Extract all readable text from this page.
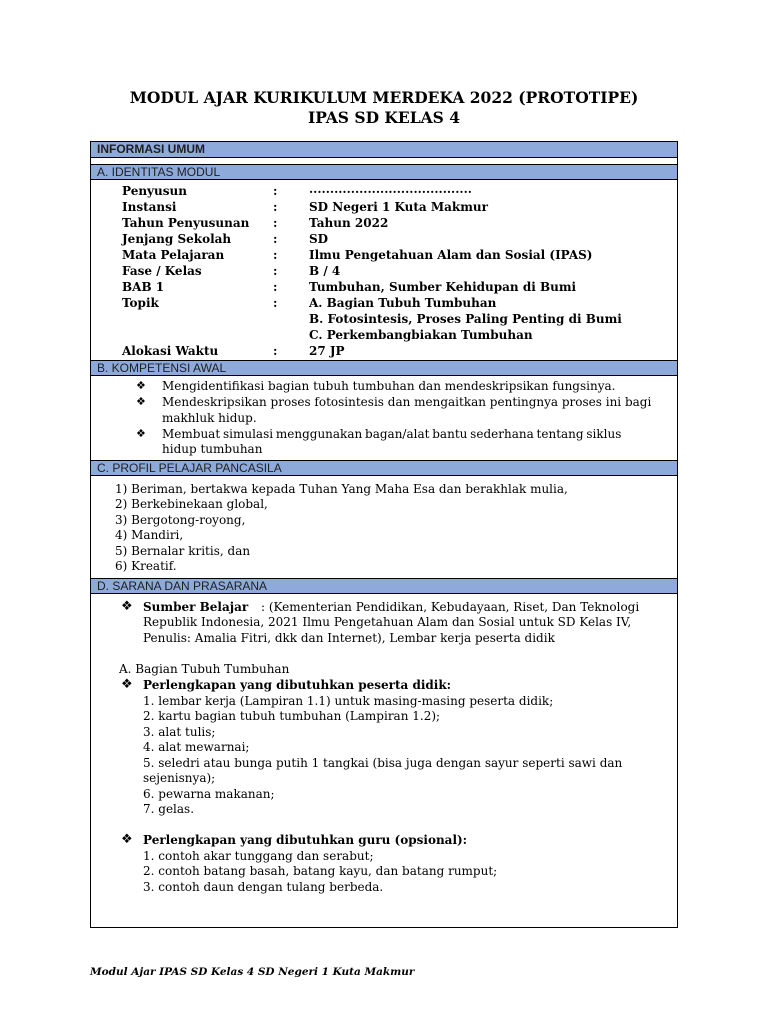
MODUL AJAR KURIKULUM MERDEKA 2022 (PROTOTIPE)
IPAS SD KELAS 4
INFORMASI UMUM
A. IDENTITAS MODUL
Penyusun	:	.......................................
Instansi	:	SD Negeri 1 Kuta Makmur
Tahun Penyusunan :	Tahun 2022
Jenjang Sekolah	:	SD
Mata Pelajaran	:	Ilmu Pengetahuan Alam dan Sosial (IPAS)
Fase / Kelas	:	B / 4
BAB 1	:	Tumbuhan, Sumber Kehidupan di Bumi
Topik	:	A. Bagian Tubuh Tumbuhan
B. Fotosintesis, Proses Paling Penting di Bumi
C. Perkembangbiakan Tumbuhan
Alokasi Waktu	:	27 JP
B. KOMPETENSI AWAL
❖ Mengidentifikasi bagian tubuh tumbuhan dan mendeskripsikan fungsinya.
❖ Mendeskripsikan proses fotosintesis dan mengaitkan pentingnya proses ini bagi
makhluk hidup.
❖ Membuat simulasi menggunakan bagan/alat bantu sederhana tentang siklus
hidup tumbuhan
C. PROFIL PELAJAR PANCASILA
1) Beriman, bertakwa kepada Tuhan Yang Maha Esa dan berakhlak mulia,
2) Berkebinekaan global,
3) Bergotong-royong,
4) Mandiri,
5) Bernalar kritis, dan
6) Kreatif.
D. SARANA DAN PRASARANA
❖ Sumber Belajar : (Kementerian Pendidikan, Kebudayaan, Riset, Dan Teknologi
Republik Indonesia, 2021 Ilmu Pengetahuan Alam dan Sosial untuk SD Kelas IV,
Penulis: Amalia Fitri, dkk dan Internet), Lembar kerja peserta didik
A. Bagian Tubuh Tumbuhan
❖ Perlengkapan yang dibutuhkan peserta didik:
1. lembar kerja (Lampiran 1.1) untuk masing-masing peserta didik;
2. kartu bagian tubuh tumbuhan (Lampiran 1.2);
3. alat tulis;
4. alat mewarnai;
5. seledri atau bunga putih 1 tangkai (bisa juga dengan sayur seperti sawi dan
sejenisnya);
6. pewarna makanan;
7. gelas.
❖ Perlengkapan yang dibutuhkan guru (opsional):
1. contoh akar tunggang dan serabut;
2. contoh batang basah, batang kayu, dan batang rumput;
3. contoh daun dengan tulang berbeda.
Modul Ajar IPAS SD Kelas 4 SD Negeri 1 Kuta Makmur
